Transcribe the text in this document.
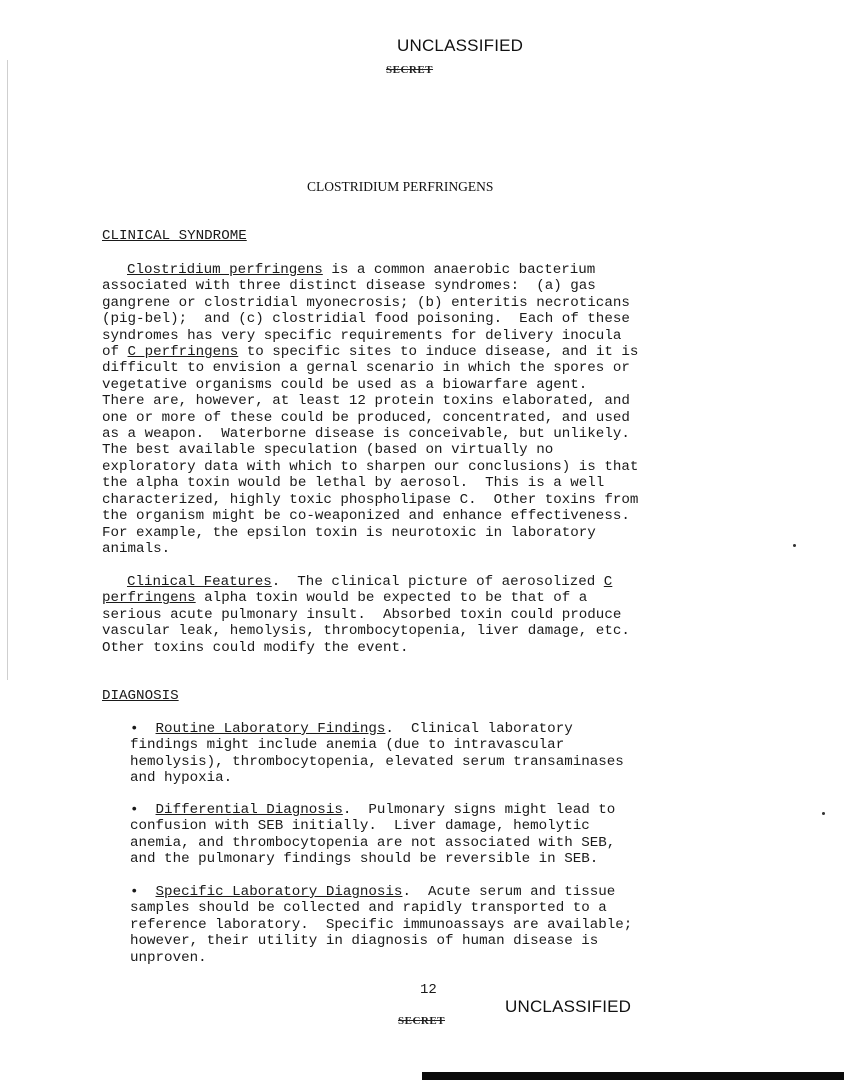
UNCLASSIFIED
SECRET
CLOSTRIDIUM PERFRINGENS
CLINICAL SYNDROME
Clostridium perfringens is a common anaerobic bacterium
associated with three distinct disease syndromes:  (a) gas
gangrene or clostridial myonecrosis; (b) enteritis necroticans
(pig-bel);  and (c) clostridial food poisoning.  Each of these
syndromes has very specific requirements for delivery inocula
of C perfringens to specific sites to induce disease, and it is
difficult to envision a gernal scenario in which the spores or
vegetative organisms could be used as a biowarfare agent.
There are, however, at least 12 protein toxins elaborated, and
one or more of these could be produced, concentrated, and used
as a weapon.  Waterborne disease is conceivable, but unlikely.
The best available speculation (based on virtually no
exploratory data with which to sharpen our conclusions) is that
the alpha toxin would be lethal by aerosol.  This is a well
characterized, highly toxic phospholipase C.  Other toxins from
the organism might be co-weaponized and enhance effectiveness.
For example, the epsilon toxin is neurotoxic in laboratory
animals.
Clinical Features.  The clinical picture of aerosolized C
perfringens alpha toxin would be expected to be that of a
serious acute pulmonary insult.  Absorbed toxin could produce
vascular leak, hemolysis, thrombocytopenia, liver damage, etc.
Other toxins could modify the event.
DIAGNOSIS
•  Routine Laboratory Findings.  Clinical laboratory
findings might include anemia (due to intravascular
hemolysis), thrombocytopenia, elevated serum transaminases
and hypoxia.
•  Differential Diagnosis.  Pulmonary signs might lead to
confusion with SEB initially.  Liver damage, hemolytic
anemia, and thrombocytopenia are not associated with SEB,
and the pulmonary findings should be reversible in SEB.
•  Specific Laboratory Diagnosis.  Acute serum and tissue
samples should be collected and rapidly transported to a
reference laboratory.  Specific immunoassays are available;
however, their utility in diagnosis of human disease is
unproven.
12
UNCLASSIFIED
SECRET
